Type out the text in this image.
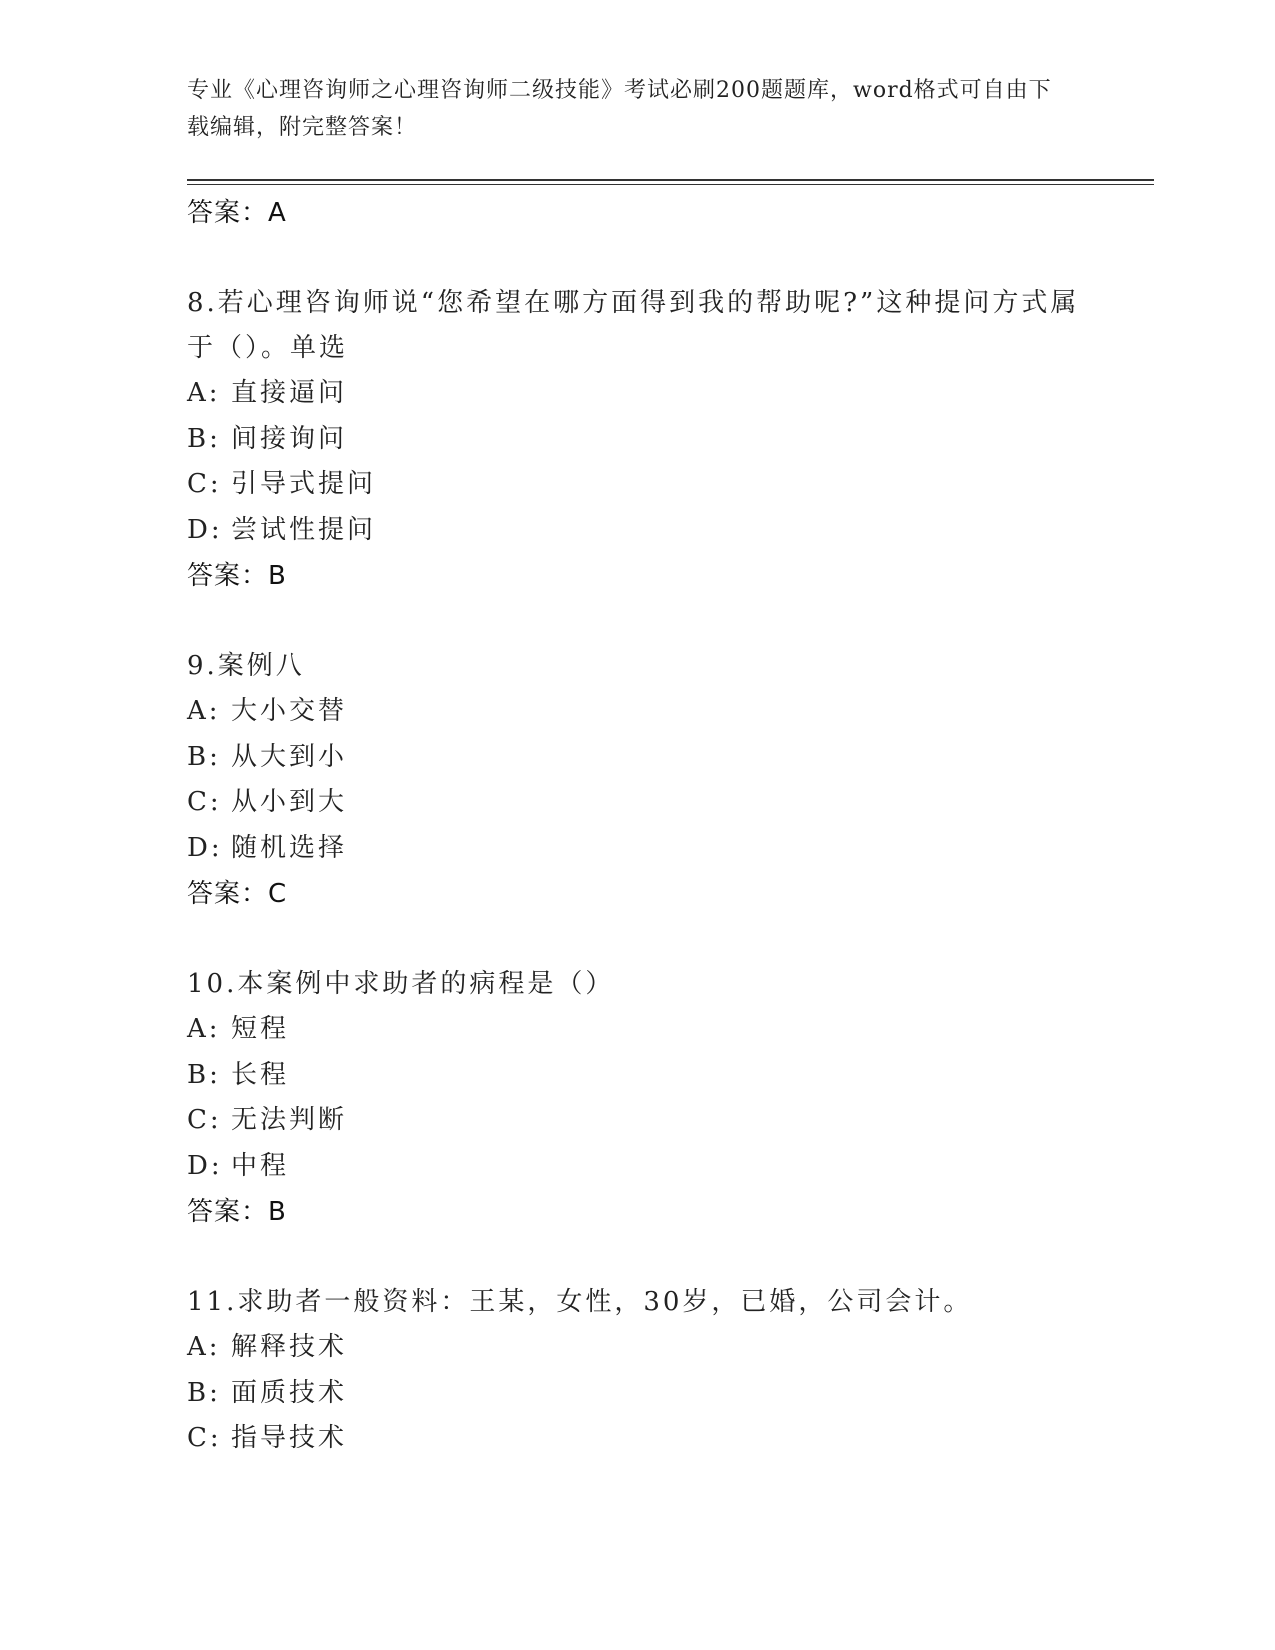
专业《心理咨询师之心理咨询师二级技能》考试必刷200题题库，word格式可自由下载编辑，附完整答案！

答案：A

8.若心理咨询师说“您希望在哪方面得到我的帮助呢?”这种提问方式属于（）。单选

A: 直接逼问

B: 间接询问

C: 引导式提问

D: 尝试性提问

答案：B

9.案例八

A: 大小交替

B: 从大到小

C: 从小到大

D: 随机选择

答案：C

10.本案例中求助者的病程是（）

A: 短程

B: 长程

C: 无法判断

D: 中程

答案：B

11.求助者一般资料：王某，女性，30岁，已婚，公司会计。

A: 解释技术

B: 面质技术

C: 指导技术
